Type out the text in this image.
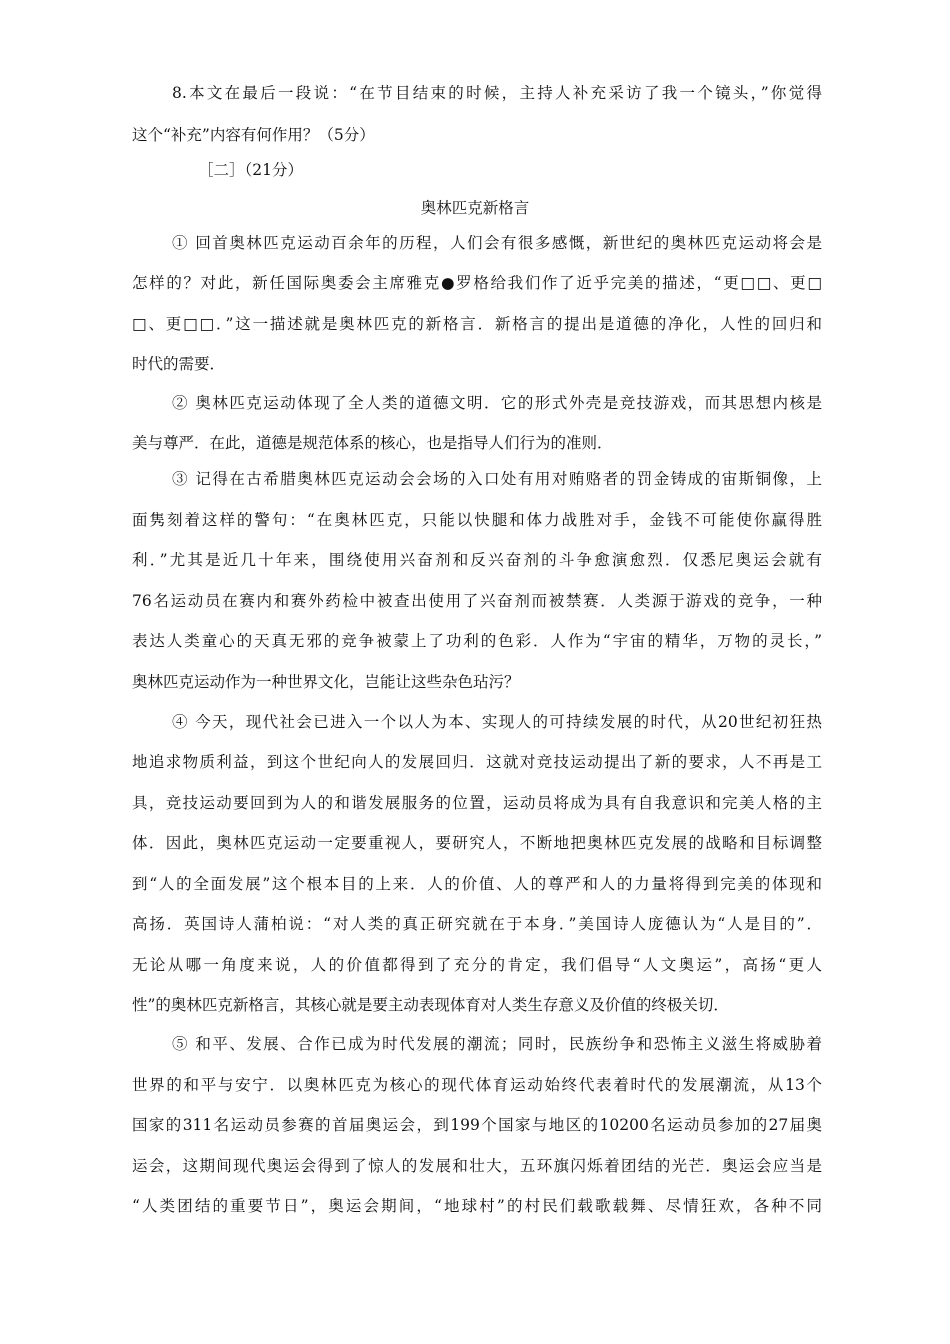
8.本文在最后一段说：“在节目结束的时候，主持人补充采访了我一个镜头，”你觉得
这个“补充”内容有何作用？（5分）
［二］（21分）
奥林匹克新格言
① 回首奥林匹克运动百余年的历程，人们会有很多感慨，新世纪的奥林匹克运动将会是
怎样的？对此，新任国际奥委会主席雅克●罗格给我们作了近乎完美的描述，“更□□、更□
□、更□□．”这一描述就是奥林匹克的新格言．新格言的提出是道德的净化，人性的回归和
时代的需要．
② 奥林匹克运动体现了全人类的道德文明．它的形式外壳是竞技游戏，而其思想内核是
美与尊严．在此，道德是规范体系的核心，也是指导人们行为的准则．
③ 记得在古希腊奥林匹克运动会会场的入口处有用对贿赂者的罚金铸成的宙斯铜像，上
面隽刻着这样的警句：“在奥林匹克，只能以快腿和体力战胜对手，金钱不可能使你赢得胜
利．”尤其是近几十年来，围绕使用兴奋剂和反兴奋剂的斗争愈演愈烈．仅悉尼奥运会就有
76名运动员在赛内和赛外药检中被查出使用了兴奋剂而被禁赛．人类源于游戏的竞争，一种
表达人类童心的天真无邪的竞争被蒙上了功利的色彩．人作为“宇宙的精华，万物的灵长，”
奥林匹克运动作为一种世界文化，岂能让这些杂色玷污？
④ 今天，现代社会已进入一个以人为本、实现人的可持续发展的时代，从20世纪初狂热
地追求物质利益，到这个世纪向人的发展回归．这就对竞技运动提出了新的要求，人不再是工
具，竞技运动要回到为人的和谐发展服务的位置，运动员将成为具有自我意识和完美人格的主
体．因此，奥林匹克运动一定要重视人，要研究人，不断地把奥林匹克发展的战略和目标调整
到“人的全面发展”这个根本目的上来．人的价值、人的尊严和人的力量将得到完美的体现和
高扬．英国诗人蒲柏说：“对人类的真正研究就在于本身．”美国诗人庞德认为“人是目的”．
无论从哪一角度来说，人的价值都得到了充分的肯定，我们倡导“人文奥运”，高扬“更人
性”的奥林匹克新格言，其核心就是要主动表现体育对人类生存意义及价值的终极关切．
⑤ 和平、发展、合作已成为时代发展的潮流；同时，民族纷争和恐怖主义滋生将威胁着
世界的和平与安宁．以奥林匹克为核心的现代体育运动始终代表着时代的发展潮流，从13个
国家的311名运动员参赛的首届奥运会，到199个国家与地区的10200名运动员参加的27届奥
运会，这期间现代奥运会得到了惊人的发展和壮大，五环旗闪烁着团结的光芒．奥运会应当是
“人类团结的重要节日”，奥运会期间，“地球村”的村民们载歌载舞、尽情狂欢，各种不同
